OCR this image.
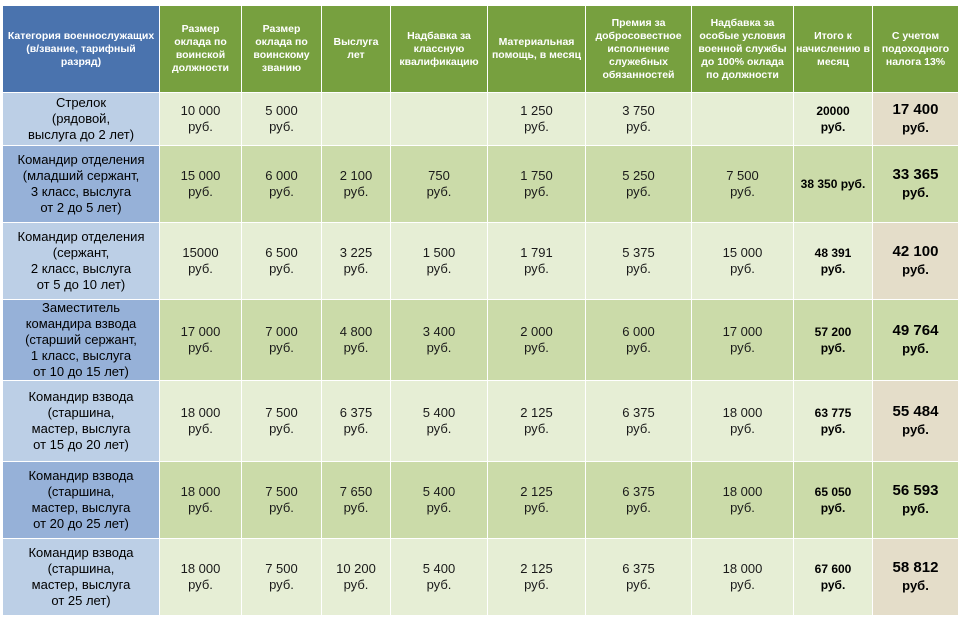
Категория военнослужащих (в/звание, тарифный разряд)	Размер оклада по воинской должности	Размер оклада по воинскому званию	Выслуга лет	Надбавка за классную квалификацию	Материальная помощь, в месяц	Премия за добросовестное исполнение служебных обязанностей	Надбавка за особые условия военной службы до 100% оклада по должности	Итого к начислению в месяц	С учетом подоходного налога 13%

Стрелок
(рядовой,
выслуга до 2 лет)	10 000
руб.	5 000
руб.			1 250
руб.	3 750
руб.		20000
руб.	17 400
руб.

Командир отделения
(младший сержант,
3 класс, выслуга
от 2 до 5 лет)	15 000
руб.	6 000
руб.	2 100
руб.	750
руб.	1 750
руб.	5 250
руб.	7 500
руб.	38 350 руб.	33 365
руб.

Командир отделения
(сержант,
2 класс, выслуга
от 5 до 10 лет)	15000
руб.	6 500
руб.	3 225
руб.	1 500
руб.	1 791
руб.	5 375
руб.	15 000
руб.	48 391
руб.	42 100
руб.

Заместитель
командира взвода
(старший сержант,
1 класс, выслуга
от 10 до 15 лет)	17 000
руб.	7 000
руб.	4 800
руб.	3 400
руб.	2 000
руб.	6 000
руб.	17 000
руб.	57 200
руб.	49 764
руб.

Командир взвода
(старшина,
мастер, выслуга
от 15 до 20 лет)	18 000
руб.	7 500
руб.	6 375
руб.	5 400
руб.	2 125
руб.	6 375
руб.	18 000
руб.	63 775
руб.	55 484
руб.

Командир взвода
(старшина,
мастер, выслуга
от 20 до 25 лет)	18 000
руб.	7 500
руб.	7 650
руб.	5 400
руб.	2 125
руб.	6 375
руб.	18 000
руб.	65 050
руб.	56 593
руб.

Командир взвода
(старшина,
мастер, выслуга
от 25 лет)	18 000
руб.	7 500
руб.	10 200
руб.	5 400
руб.	2 125
руб.	6 375
руб.	18 000
руб.	67 600
руб.	58 812
руб.
